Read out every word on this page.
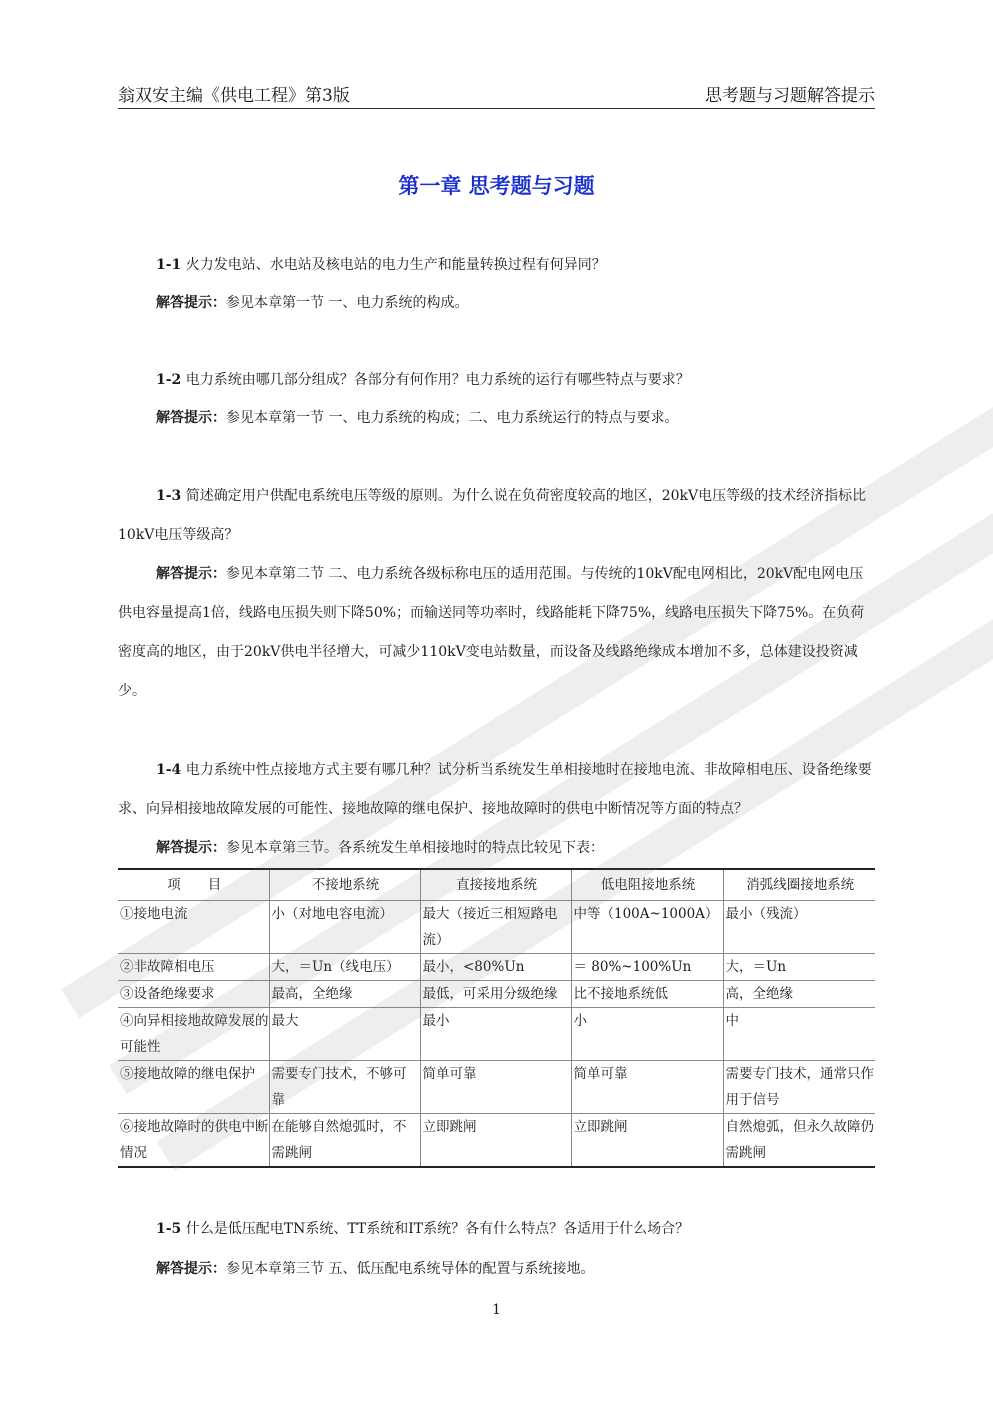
翁双安主编《供电工程》第3版	思考题与习题解答提示
第一章 思考题与习题

1-1 火力发电站、水电站及核电站的电力生产和能量转换过程有何异同？

解答提示：参见本章第一节 一、电力系统的构成。

1-2 电力系统由哪几部分组成？各部分有何作用？电力系统的运行有哪些特点与要求？

解答提示：参见本章第一节 一、电力系统的构成；二、电力系统运行的特点与要求。

1-3 简述确定用户供配电系统电压等级的原则。为什么说在负荷密度较高的地区，20kV电压等级的技术经济指标比10kV电压等级高？

解答提示：参见本章第二节 二、电力系统各级标称电压的适用范围。与传统的10kV配电网相比，20kV配电网电压供电容量提高1倍，线路电压损失则下降50%；而输送同等功率时，线路能耗下降75%，线路电压损失下降75%。在负荷密度高的地区，由于20kV供电半径增大，可减少110kV变电站数量，而设备及线路绝缘成本增加不多，总体建设投资减少。

1-4 电力系统中性点接地方式主要有哪几种？试分析当系统发生单相接地时在接地电流、非故障相电压、设备绝缘要求、向异相接地故障发展的可能性、接地故障的继电保护、接地故障时的供电中断情况等方面的特点？

解答提示：参见本章第三节。各系统发生单相接地时的特点比较见下表：

项　　目	不接地系统	直接接地系统	低电阻接地系统	消弧线圈接地系统
①接地电流	小（对地电容电流）	最大（接近三相短路电流）	中等（100A~1000A）	最小（残流）
②非故障相电压	大，＝Un（线电压）	最小，<80%Un	＝ 80%~100%Un	大，＝Un
③设备绝缘要求	最高，全绝缘	最低，可采用分级绝缘	比不接地系统低	高，全绝缘
④向异相接地故障发展的可能性	最大	最小	小	中
⑤接地故障的继电保护	需要专门技术，不够可靠	简单可靠	简单可靠	需要专门技术，通常只作用于信号
⑥接地故障时的供电中断情况	在能够自然熄弧时，不需跳闸	立即跳闸	立即跳闸	自然熄弧，但永久故障仍需跳闸

1-5 什么是低压配电TN系统、TT系统和IT系统？各有什么特点？各适用于什么场合？

解答提示：参见本章第三节 五、低压配电系统导体的配置与系统接地。

1
